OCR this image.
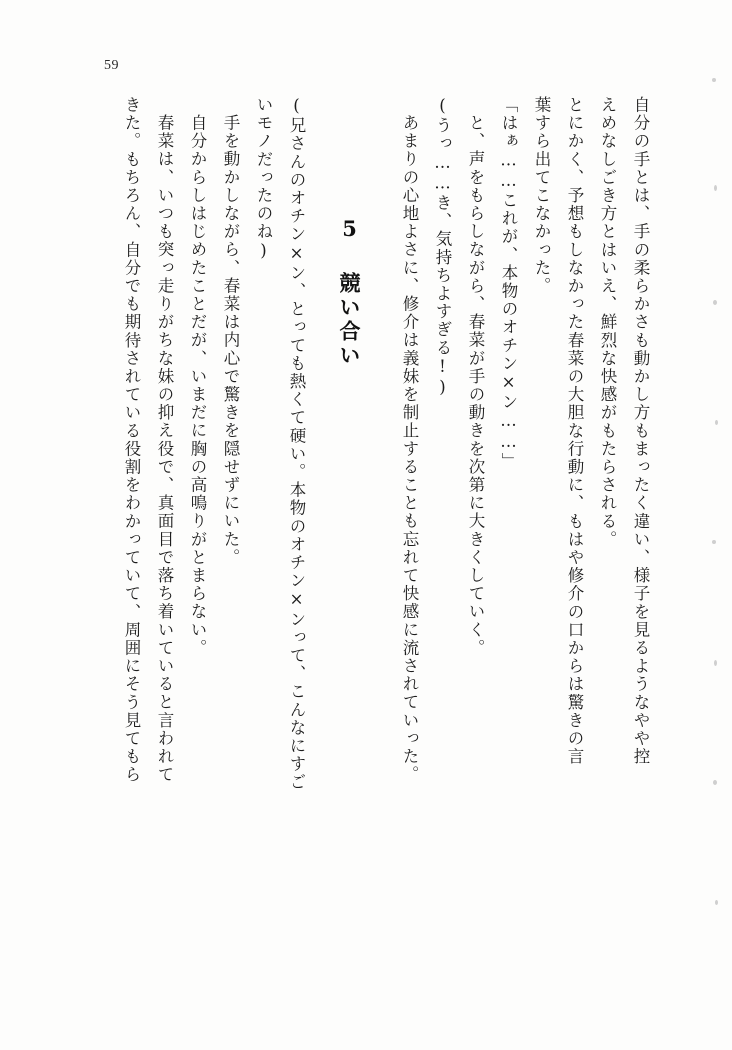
59
自分の手とは、手の柔らかさも動かし方もまったく違い、様子を見るようなやや控
えめなしごき方とはいえ、鮮烈な快感がもたらされる。
とにかく、予想もしなかった春菜の大胆な行動に、もはや修介の口からは驚きの言
葉すら出てこなかった。
「はぁ……これが、本物のオチン×ン……」
と、声をもらしながら、春菜が手の動きを次第に大きくしていく。
(うっ……き、気持ちよすぎる!)
あまりの心地よさに、修介は義妹を制止することも忘れて快感に流されていった。
5 競い合い
(兄さんのオチン×ン、とっても熱くて硬い。本物のオチン×ンって、こんなにすご
いモノだったのね)
手を動かしながら、春菜は内心で驚きを隠せずにいた。
自分からしはじめたことだが、いまだに胸の高鳴りがとまらない。
春菜は、いつも突っ走りがちな妹の抑え役で、真面目で落ち着いていると言われて
きた。もちろん、自分でも期待されている役割をわかっていて、周囲にそう見てもら
